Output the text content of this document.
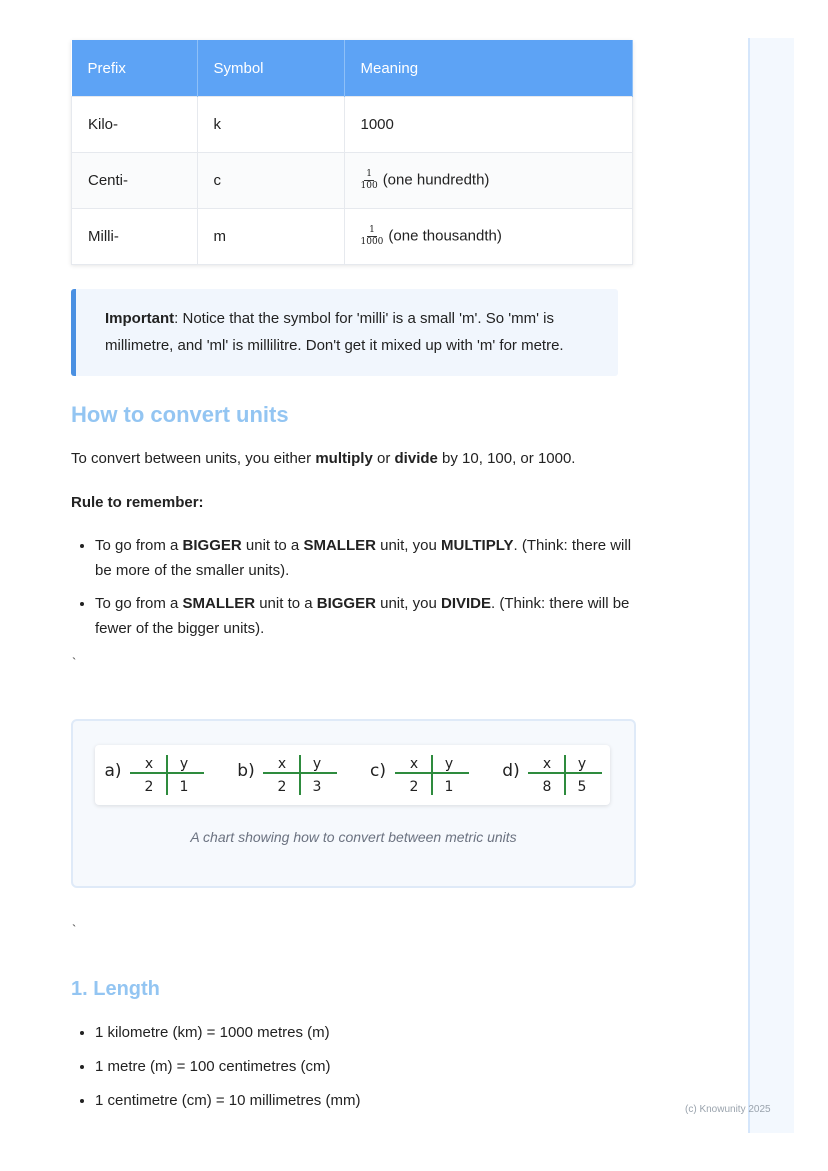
Prefix	Symbol	Meaning
Kilo-	k	1000
Centi-	c	$\frac{1}{100} (one$ hundredth)
Milli-	m	$\frac{1}{1000} (one$ thousandth)
Important: Notice that the symbol for 'milli' is a small 'm'. So 'mm' is millimetre, and 'ml' is millilitre. Don't get it mixed up with 'm' for metre.
How to convert units

To convert between units, you either multiply or divide by 10, 100, or 1000.

Rule to remember:

• To go from a BIGGER unit to a SMALLER unit, you MULTIPLY. (Think: there will be more of the smaller units).
• To go from a SMALLER unit to a BIGGER unit, you DIVIDE. (Think: there will be fewer of the bigger units).
`
a) x y
2 1
b) x y
2 3
c) x y
2 1
d) x y
8 5
A chart showing how to convert between metric units
`
1. Length
• 1 kilometre (km) = 1000 metres (m)
• 1 metre (m) = 100 centimetres (cm)
• 1 centimetre (cm) = 10 millimetres (mm)
(c) Knowunity 2025
